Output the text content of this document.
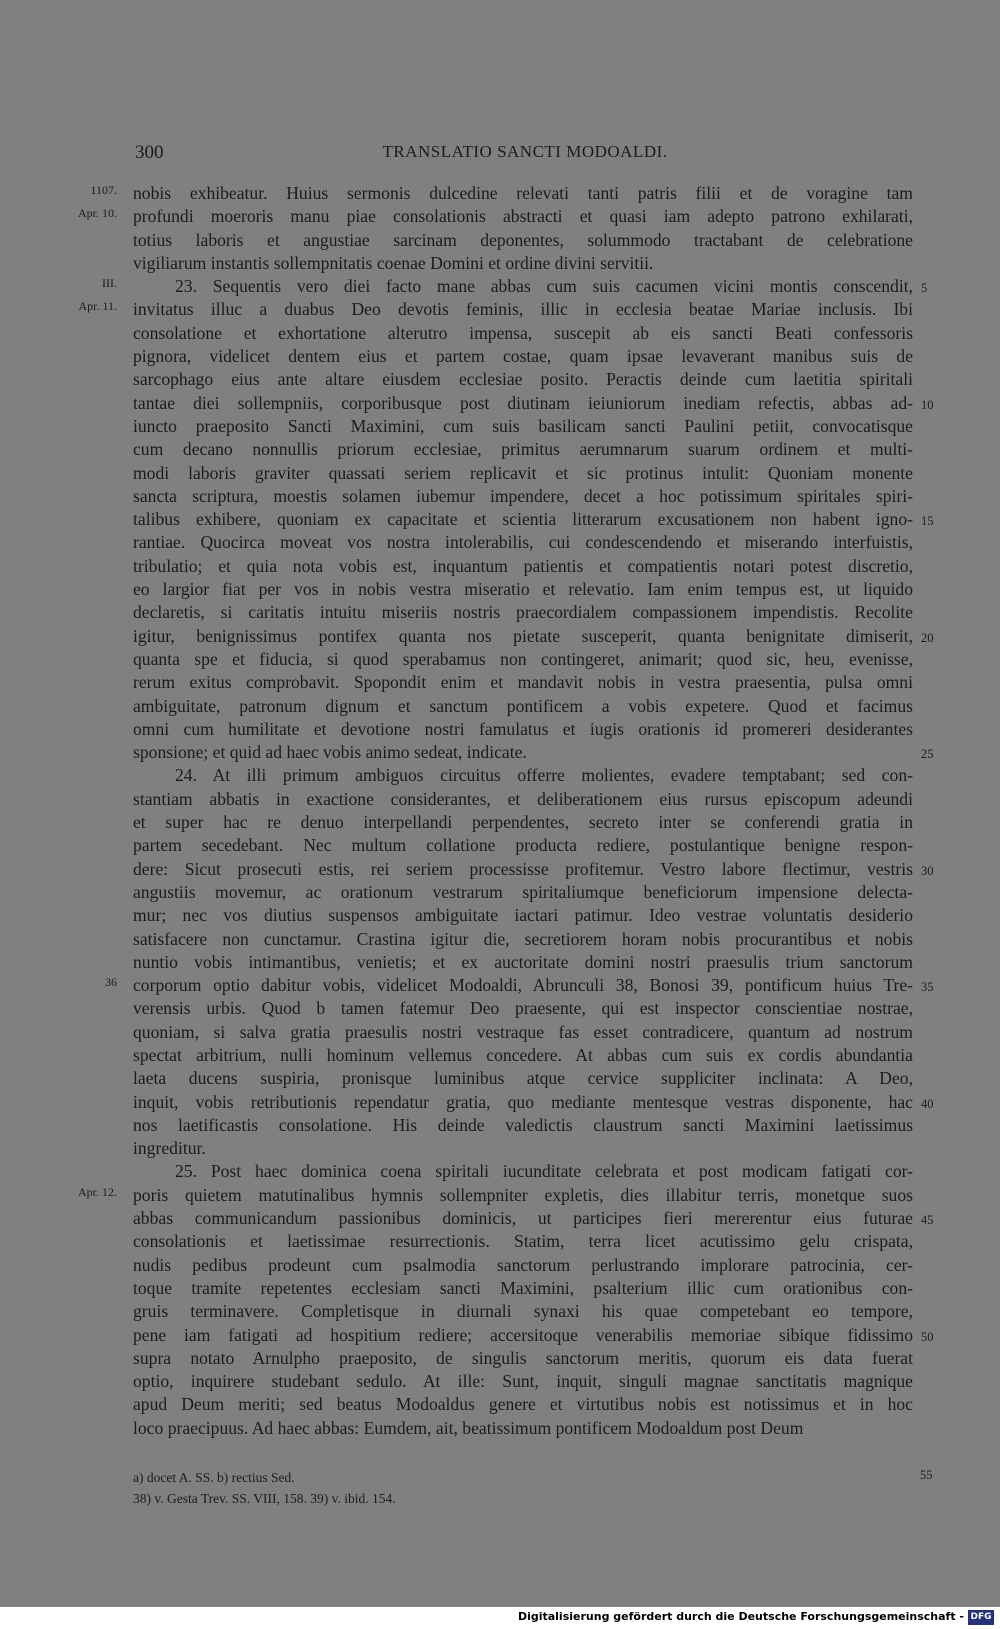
300	TRANSLATIO SANCTI MODOALDI.
nobis exhibeatur. Huius sermonis dulcedine relevati tanti patris filii et de voragine tam
1107.
profundi moeroris manu piae consolationis abstracti et quasi iam adepto patrono exhilarati,
Apr. 10.
totius laboris et angustiae sarcinam deponentes, solummodo tractabant de celebratione
vigiliarum instantis sollempnitatis coenae Domini et ordine divini servitii.
23. Sequentis vero diei facto mane abbas cum suis cacumen vicini montis conscendit,
III.	5
invitatus illuc a duabus Deo devotis feminis, illic in ecclesia beatae Mariae inclusis. Ibi
Apr. 11.
consolatione et exhortatione alterutro impensa, suscepit ab eis sancti Beati confessoris
pignora, videlicet dentem eius et partem costae, quam ipsae levaverant manibus suis de
sarcophago eius ante altare eiusdem ecclesiae posito. Peractis deinde cum laetitia spiritali
tantae diei sollempniis, corporibusque post diutinam ieiuniorum inediam refectis, abbas ad- 10
iuncto praeposito Sancti Maximini, cum suis basilicam sancti Paulini petiit, convocatisque
cum decano nonnullis priorum ecclesiae, primitus aerumnarum suarum ordinem et multi-
modi laboris graviter quassati seriem replicavit et sic protinus intulit: Quoniam monente
sancta scriptura, moestis solamen iubemur impendere, decet a hoc potissimum spiritales spiri-
talibus exhibere, quoniam ex capacitate et scientia litterarum excusationem non habent igno- 15
rantiae. Quocirca moveat vos nostra intolerabilis, cui condescendendo et miserando interfuistis,
tribulatio; et quia nota vobis est, inquantum patientis et compatientis notari potest discretio,
eo largior fiat per vos in nobis vestra miseratio et relevatio. Iam enim tempus est, ut liquido
declaretis, si caritatis intuitu miseriis nostris praecordialem compassionem impendistis. Recolite
igitur, benignissimus pontifex quanta nos pietate susceperit, quanta benignitate dimiserit, 20
quanta spe et fiducia, si quod sperabamus non contingeret, animarit; quod sic, heu, evenisse,
rerum exitus comprobavit. Spopondit enim et mandavit nobis in vestra praesentia, pulsa omni
ambiguitate, patronum dignum et sanctum pontificem a vobis expetere. Quod et facimus
omni cum humilitate et devotione nostri famulatus et iugis orationis id promereri desiderantes
sponsione; et quid ad haec vobis animo sedeat, indicate.	25
24. At illi primum ambiguos circuitus offerre molientes, evadere temptabant; sed con-
stantiam abbatis in exactione considerantes, et deliberationem eius rursus episcopum adeundi
et super hac re denuo interpellandi perpendentes, secreto inter se conferendi gratia in
partem secedebant. Nec multum collatione producta rediere, postulantique benigne respon-
dere: Sicut prosecuti estis, rei seriem processisse profitemur. Vestro labore flectimur, vestris 30
angustiis movemur, ac orationum vestrarum spiritaliumque beneficiorum impensione delecta-
mur; nec vos diutius suspensos ambiguitate iactari patimur. Ideo vestrae voluntatis desiderio
satisfacere non cunctamur. Crastina igitur die, secretiorem horam nobis procurantibus et nobis
nuntio vobis intimantibus, venietis; et ex auctoritate domini nostri praesulis trium sanctorum
corporum optio dabitur vobis, videlicet Modoaldi, Abrunculi 38, Bonosi 39, pontificum huius Tre-
36	35
verensis urbis. Quod b tamen fatemur Deo praesente, qui est inspector conscientiae nostrae,
quoniam, si salva gratia praesulis nostri vestraque fas esset contradicere, quantum ad nostrum
spectat arbitrium, nulli hominum vellemus concedere. At abbas cum suis ex cordis abundantia
laeta ducens suspiria, pronisque luminibus atque cervice suppliciter inclinata: A Deo,
inquit, vobis retributionis rependatur gratia, quo mediante mentesque vestras disponente, hac 40
nos laetificastis consolatione. His deinde valedictis claustrum sancti Maximini laetissimus
ingreditur.
25. Post haec dominica coena spiritali iucunditate celebrata et post modicam fatigati cor-
poris quietem matutinalibus hymnis sollempniter expletis, dies illabitur terris, monetque suos
Apr. 12.
abbas communicandum passionibus dominicis, ut participes fieri mererentur eius futurae 45
consolationis et laetissimae resurrectionis. Statim, terra licet acutissimo gelu crispata,
nudis pedibus prodeunt cum psalmodia sanctorum perlustrando implorare patrocinia, cer-
toque tramite repetentes ecclesiam sancti Maximini, psalterium illic cum orationibus con-
gruis terminavere. Completisque in diurnali synaxi his quae competebant eo tempore,
pene iam fatigati ad hospitium rediere; accersitoque venerabilis memoriae sibique fidissimo 50
supra notato Arnulpho praeposito, de singulis sanctorum meritis, quorum eis data fuerat
optio, inquirere studebant sedulo. At ille: Sunt, inquit, singuli magnae sanctitatis magnique
apud Deum meriti; sed beatus Modoaldus genere et virtutibus nobis est notissimus et in hoc
loco praecipuus. Ad haec abbas: Eumdem, ait, beatissimum pontificem Modoaldum post Deum
a) docet A. SS. b) rectius Sed.
38) v. Gesta Trev. SS. VIII, 158. 39) v. ibid. 154.
55
Digitalisierung gefördert durch die Deutsche Forschungsgemeinschaft - DFG
